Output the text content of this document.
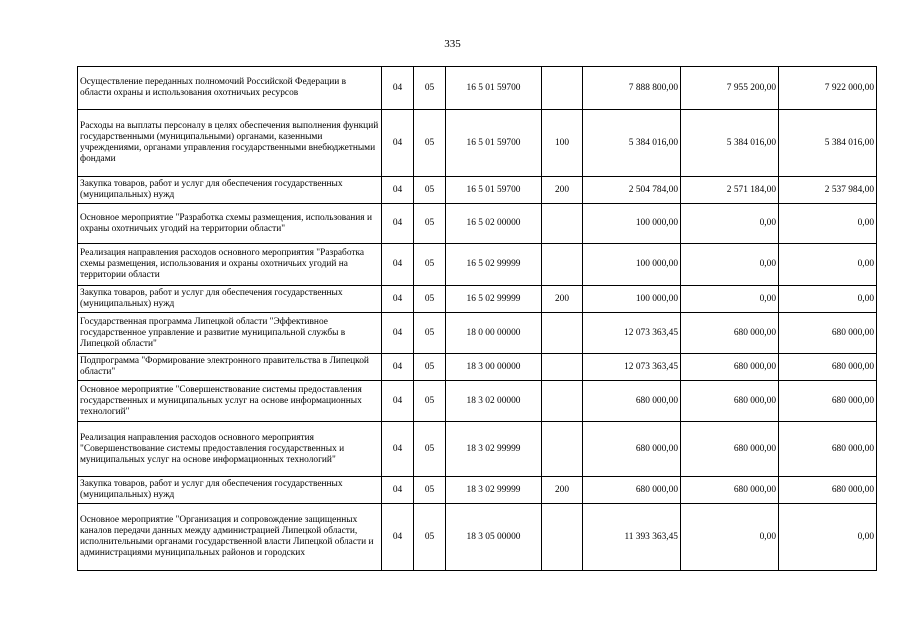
335
Осуществление переданных полномочий Российской Федерации в области охраны и использования охотничьих ресурсов	04	05	16 5 01 59700		7 888 800,00	7 955 200,00	7 922 000,00
Расходы на выплаты персоналу в целях обеспечения выполнения функций государственными (муниципальными) органами, казенными учреждениями, органами управления государственными внебюджетными фондами	04	05	16 5 01 59700	100	5 384 016,00	5 384 016,00	5 384 016,00
Закупка товаров, работ и услуг для обеспечения государственных (муниципальных) нужд	04	05	16 5 01 59700	200	2 504 784,00	2 571 184,00	2 537 984,00
Основное мероприятие "Разработка схемы размещения, использования и охраны охотничьих угодий на территории области"	04	05	16 5 02 00000		100 000,00	0,00	0,00
Реализация направления расходов основного мероприятия "Разработка схемы размещения, использования и охраны охотничьих угодий на территории области	04	05	16 5 02 99999		100 000,00	0,00	0,00
Закупка товаров, работ и услуг для обеспечения государственных (муниципальных) нужд	04	05	16 5 02 99999	200	100 000,00	0,00	0,00
Государственная программа Липецкой области "Эффективное государственное управление и развитие муниципальной службы в Липецкой области"	04	05	18 0 00 00000		12 073 363,45	680 000,00	680 000,00
Подпрограмма "Формирование электронного правительства в Липецкой области"	04	05	18 3 00 00000		12 073 363,45	680 000,00	680 000,00
Основное мероприятие "Совершенствование системы предоставления государственных и муниципальных услуг на основе информационных технологий"	04	05	18 3 02 00000		680 000,00	680 000,00	680 000,00
Реализация направления расходов основного мероприятия "Совершенствование системы предоставления государственных и муниципальных услуг на основе информационных технологий"	04	05	18 3 02 99999		680 000,00	680 000,00	680 000,00
Закупка товаров, работ и услуг для обеспечения государственных (муниципальных) нужд	04	05	18 3 02 99999	200	680 000,00	680 000,00	680 000,00
Основное мероприятие "Организация и сопровождение защищенных каналов передачи данных между администрацией Липецкой области, исполнительными органами государственной власти Липецкой области и администрациями муниципальных районов и городских	04	05	18 3 05 00000		11 393 363,45	0,00	0,00
